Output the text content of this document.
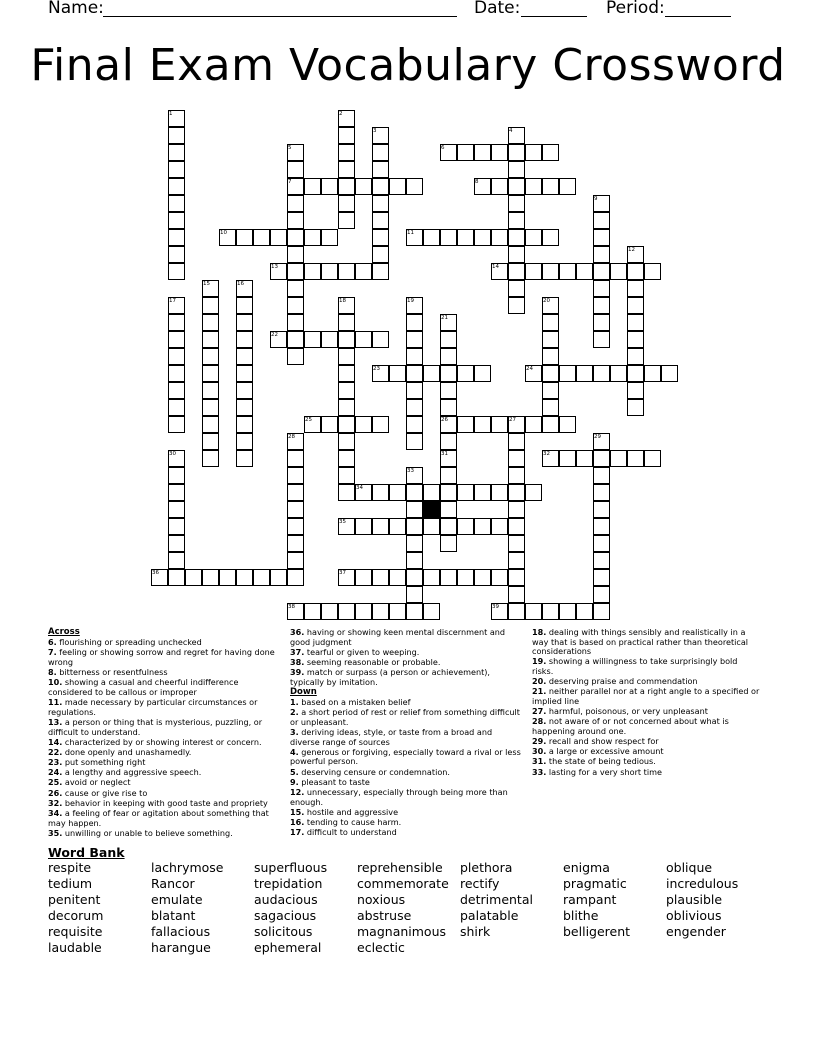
Name:	Date:	Period:
Final Exam Vocabulary Crossword
1	2
3	4
5	6
7	8
9
10	11
12
13	14
15	16
17	18	19	20
21
22
23	24
25	26	27
28	29
30	31	32
33
34
35
36	37
38	39

Across

6. flourishing or spreading unchecked

7. feeling or showing sorrow and regret for having done wrong

8. bitterness or resentfulness

10. showing a casual and cheerful indifference considered to be callous or improper

11. made necessary by particular circumstances or regulations.

13. a person or thing that is mysterious, puzzling, or difficult to understand.

14. characterized by or showing interest or concern.

22. done openly and unashamedly.

23. put something right

24. a lengthy and aggressive speech.

25. avoid or neglect

26. cause or give rise to

32. behavior in keeping with good taste and propriety

34. a feeling of fear or agitation about something that may happen.

35. unwilling or unable to believe something.

36. having or showing keen mental discernment and good judgment

37. tearful or given to weeping.

38. seeming reasonable or probable.

39. match or surpass (a person or achievement), typically by imitation.

Down

1. based on a mistaken belief

2. a short period of rest or relief from something difficult or unpleasant.

3. deriving ideas, style, or taste from a broad and diverse range of sources

4. generous or forgiving, especially toward a rival or less powerful person.

5. deserving censure or condemnation.

9. pleasant to taste

12. unnecessary, especially through being more than enough.

15. hostile and aggressive

16. tending to cause harm.

17. difficult to understand

18. dealing with things sensibly and realistically in a way that is based on practical rather than theoretical considerations

19. showing a willingness to take surprisingly bold risks.

20. deserving praise and commendation

21. neither parallel nor at a right angle to a specified or implied line

27. harmful, poisonous, or very unpleasant

28. not aware of or not concerned about what is happening around one.

29. recall and show respect for

30. a large or excessive amount

31. the state of being tedious.

33. lasting for a very short time

Word Bank
respite
tedium
penitent
decorum
requisite
laudable
lachrymose
Rancor
emulate
blatant
fallacious
harangue
superfluous
trepidation
audacious
sagacious
solicitous
ephemeral
reprehensible
commemorate
noxious
abstruse
magnanimous
eclectic
plethora
rectify
detrimental
palatable
shirk
enigma
pragmatic
rampant
blithe
belligerent
oblique
incredulous
plausible
oblivious
engender
